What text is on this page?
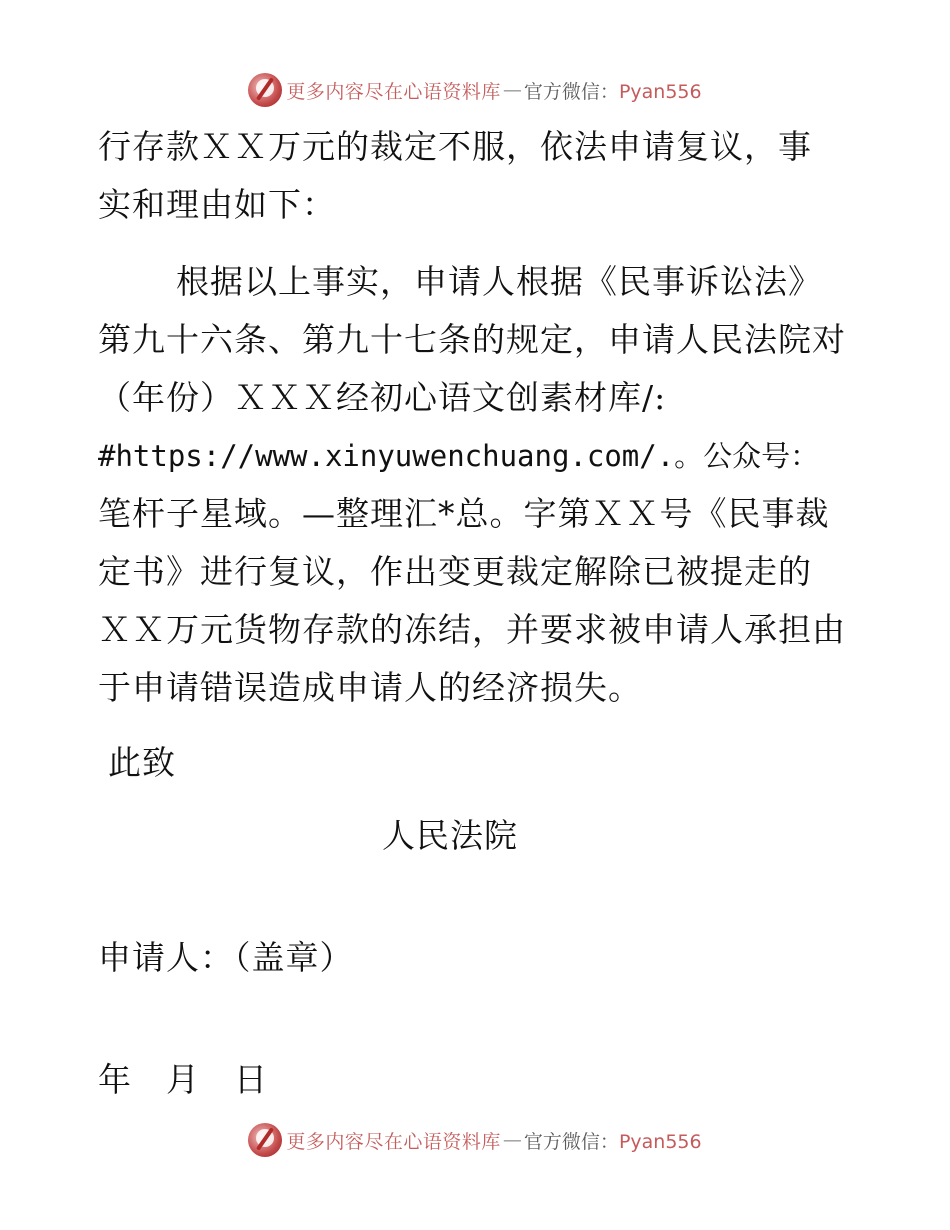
更多内容尽在心语资料库 — 官方微信：Pyan556
行存款ＸＸ万元的裁定不服，依法申请复议，事
实和理由如下：
根据以上事实，申请人根据《民事诉讼法》
第九十六条、第九十七条的规定，申请人民法院对
（年份）ＸＸＸ经初心语文创素材库/:
#https://www.xinyuwenchuang.com/.。公众号：
笔杆子星域。—整理汇*总。字第ＸＸ号《民事裁
定书》进行复议，作出变更裁定解除已被提走的
ＸＸ万元货物存款的冻结，并要求被申请人承担由
于申请错误造成申请人的经济损失。
此致
人民法院
申请人：（盖章）
年　月　日
更多内容尽在心语资料库 — 官方微信：Pyan556
